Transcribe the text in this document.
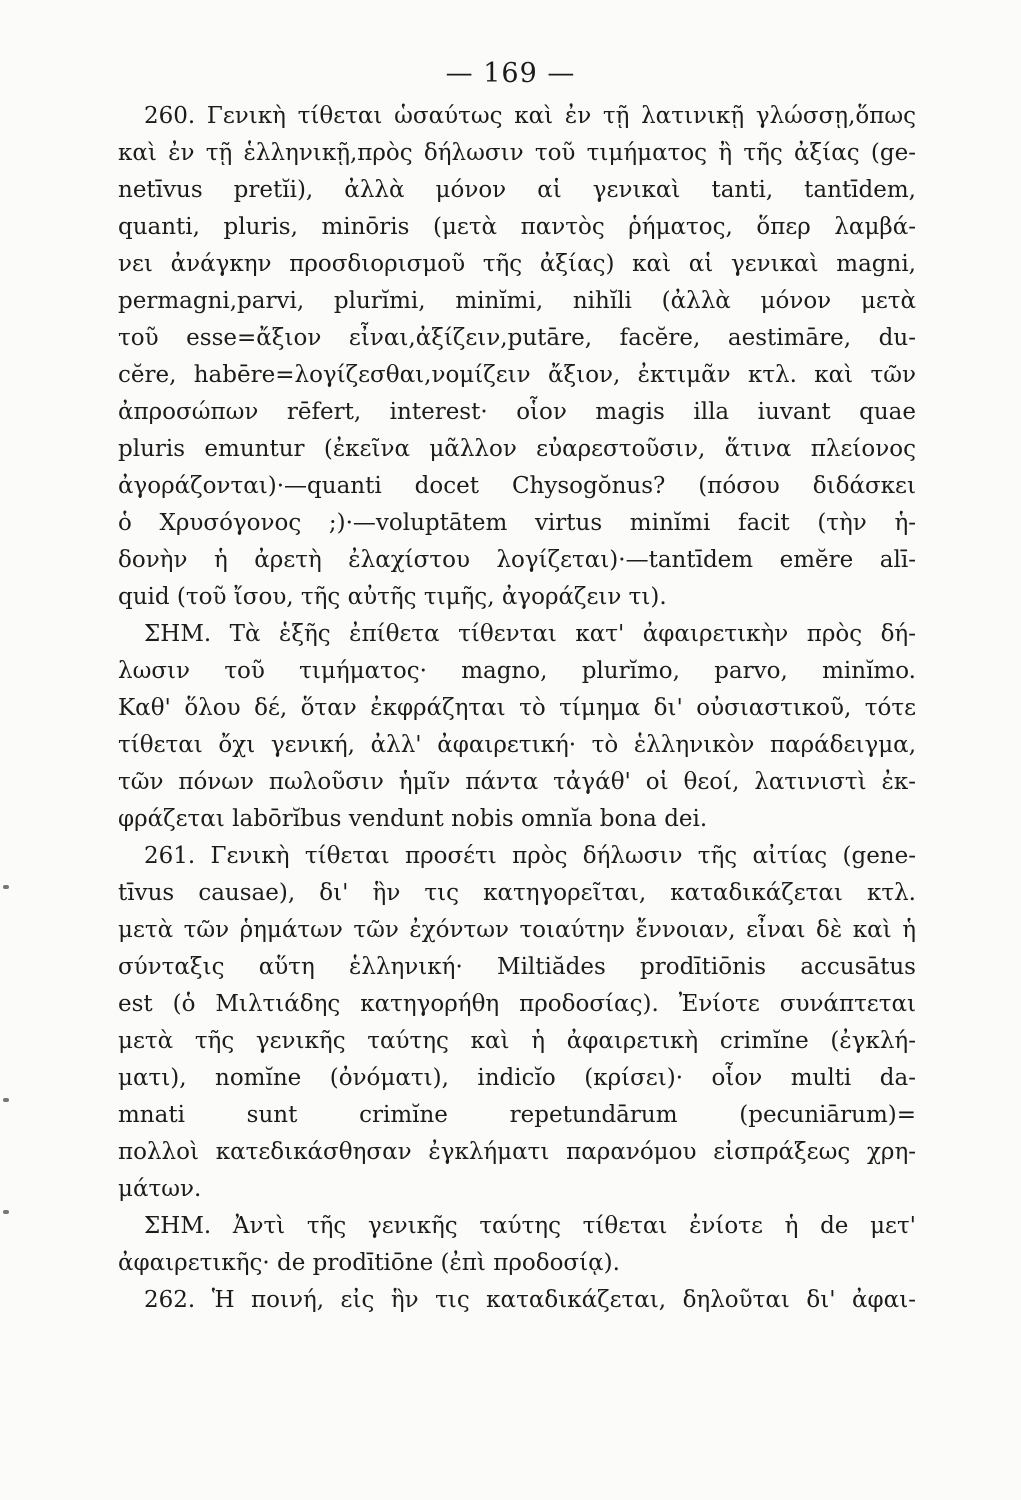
— 169 —
260. Γενικὴ τίθεται ὡσαύτως καὶ ἐν τῇ λατινικῇ γλώσσῃ,ὅπως
καὶ ἐν τῇ ἑλληνικῇ,πρὸς δήλωσιν τοῦ τιμήματος ἢ τῆς ἀξίας (ge-
netīvus pretĭi), ἀλλὰ μόνον αἱ γενικαὶ tanti, tantīdem,
quanti, pluris, minōris (μετὰ παντὸς ῥήματος, ὅπερ λαμβά-
νει ἀνάγκην προσδιορισμοῦ τῆς ἀξίας) καὶ αἱ γενικαὶ magni,
permagni,parvi, plurĭmi, minĭmi, nihĭli (ἀλλὰ μόνον μετὰ
τοῦ esse=ἄξιον εἶναι,ἀξίζειν,putāre, facĕre, aestimāre, du-
cĕre, habēre=λογίζεσθαι,νομίζειν ἄξιον, ἐκτιμᾶν κτλ. καὶ τῶν
ἀπροσώπων rēfert, interest· οἷον magis illa iuvant quae
pluris emuntur (ἐκεῖνα μᾶλλον εὐαρεστοῦσιν, ἅτινα πλείονος
ἀγοράζονται)·—quanti docet Chysogŏnus? (πόσου διδάσκει
ὁ Χρυσόγονος ;)·—voluptātem virtus minĭmi facit (τὴν ἡ-
δονὴν ἡ ἀρετὴ ἐλαχίστου λογίζεται)·—tantīdem emĕre alī-
quid (τοῦ ἴσου, τῆς αὐτῆς τιμῆς, ἀγοράζειν τι).
ΣΗΜ. Τὰ ἑξῆς ἐπίθετα τίθενται κατ' ἀφαιρετικὴν πρὸς δή-
λωσιν τοῦ τιμήματος· magno, plurĭmo, parvo, minĭmo.
Καθ' ὅλου δέ, ὅταν ἐκφράζηται τὸ τίμημα δι' οὐσιαστικοῦ, τότε
τίθεται ὄχι γενική, ἀλλ' ἀφαιρετική· τὸ ἑλληνικὸν παράδειγμα,
τῶν πόνων πωλοῦσιν ἡμῖν πάντα τἀγάθ' οἱ θεοί, λατινιστὶ ἐκ-
φράζεται labōrĭbus vendunt nobis omnĭa bona dei.
261. Γενικὴ τίθεται προσέτι πρὸς δήλωσιν τῆς αἰτίας (gene-
tīvus causae), δι' ἣν τις κατηγορεῖται, καταδικάζεται κτλ.
μετὰ τῶν ῥημάτων τῶν ἐχόντων τοιαύτην ἔννοιαν, εἶναι δὲ καὶ ἡ
σύνταξις αὕτη ἑλληνική· Miltiădes prodītiōnis accusātus
est (ὁ Μιλτιάδης κατηγορήθη προδοσίας). Ἐνίοτε συνάπτεται
μετὰ τῆς γενικῆς ταύτης καὶ ἡ ἀφαιρετικὴ crimĭne (ἐγκλή-
ματι), nomĭne (ὀνόματι), indicĭo (κρίσει)· οἷον multi da-
mnati sunt crimĭne repetundārum (pecuniārum)=
πολλοὶ κατεδικάσθησαν ἐγκλήματι παρανόμου εἰσπράξεως χρη-
μάτων.
ΣΗΜ. Ἀντὶ τῆς γενικῆς ταύτης τίθεται ἐνίοτε ἡ de μετ'
ἀφαιρετικῆς· de prodītiōne (ἐπὶ προδοσίᾳ).
262. Ἡ ποινή, εἰς ἣν τις καταδικάζεται, δηλοῦται δι' ἀφαι-
